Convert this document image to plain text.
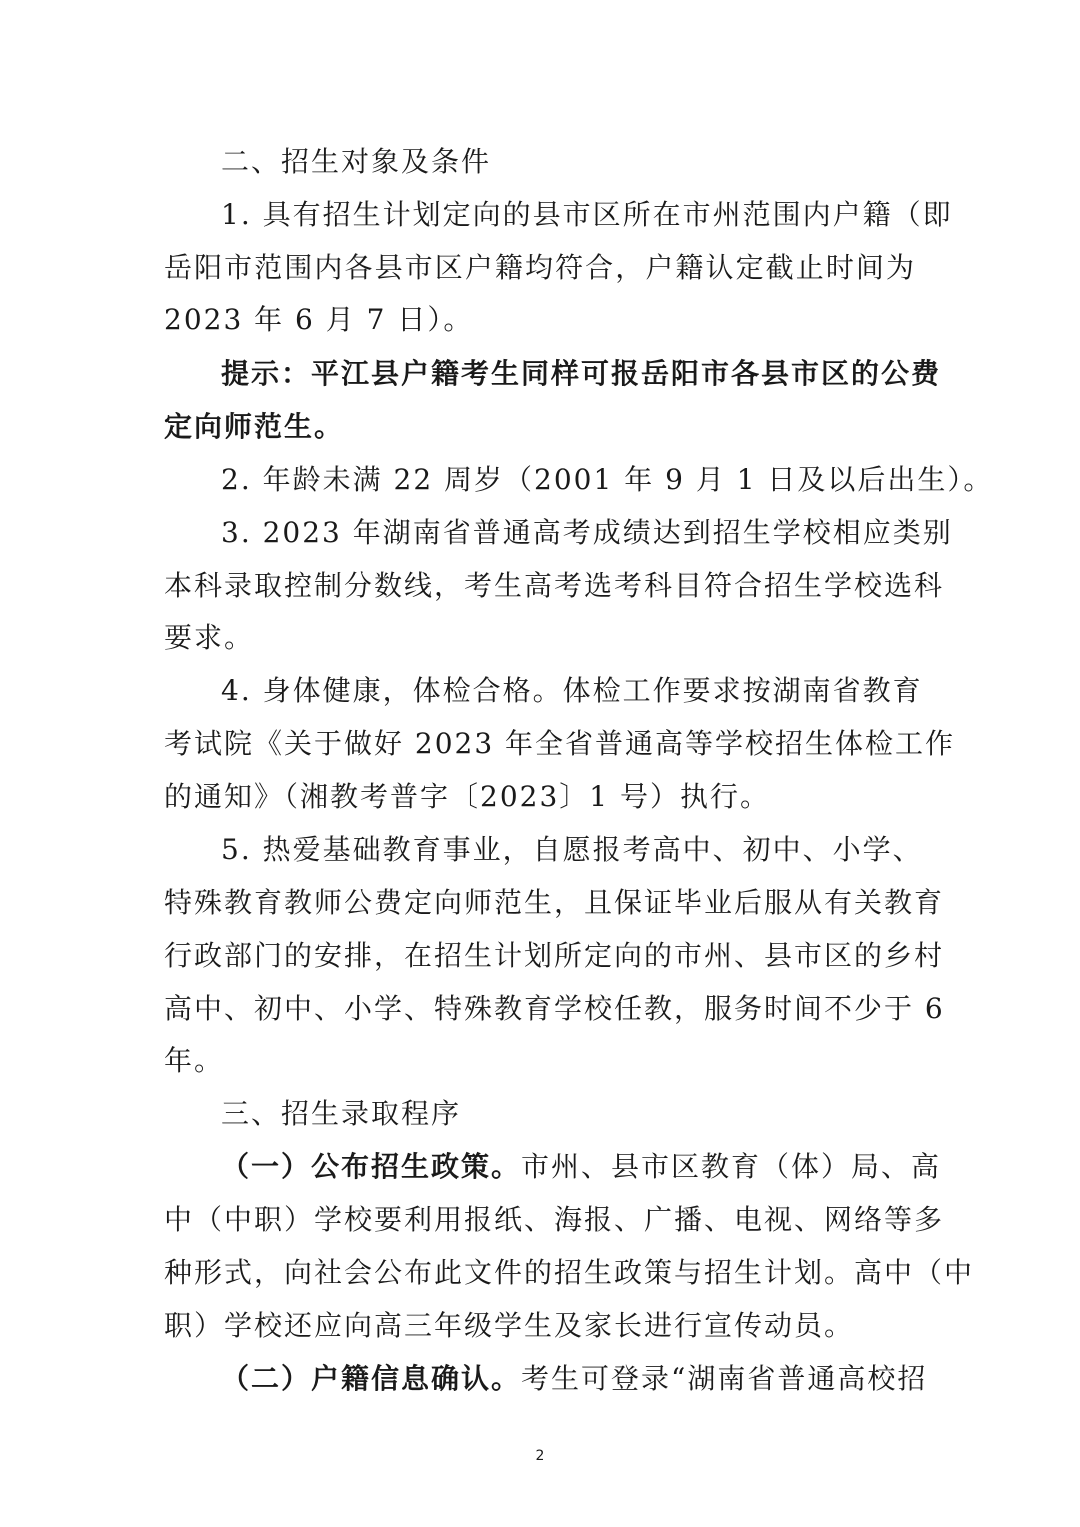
二、招生对象及条件
1. 具有招生计划定向的县市区所在市州范围内户籍（即
岳阳市范围内各县市区户籍均符合，户籍认定截止时间为
2023 年 6 月 7 日）。
提示：平江县户籍考生同样可报岳阳市各县市区的公费
定向师范生。
2. 年龄未满 22 周岁（2001 年 9 月 1 日及以后出生）。
3. 2023 年湖南省普通高考成绩达到招生学校相应类别
本科录取控制分数线，考生高考选考科目符合招生学校选科
要求。
4. 身体健康，体检合格。体检工作要求按湖南省教育
考试院《关于做好 2023 年全省普通高等学校招生体检工作
的通知》（湘教考普字〔2023〕1 号）执行。
5. 热爱基础教育事业，自愿报考高中、初中、小学、
特殊教育教师公费定向师范生，且保证毕业后服从有关教育
行政部门的安排，在招生计划所定向的市州、县市区的乡村
高中、初中、小学、特殊教育学校任教，服务时间不少于 6
年。
三、招生录取程序
（一）公布招生政策。 市州、县市区教育（体）局、高
中（中职）学校要利用报纸、海报、广播、电视、网络等多
种形式，向社会公布此文件的招生政策与招生计划。高中（中
职）学校还应向高三年级学生及家长进行宣传动员。
（二）户籍信息确认。 考生可登录“湖南省普通高校招
2
